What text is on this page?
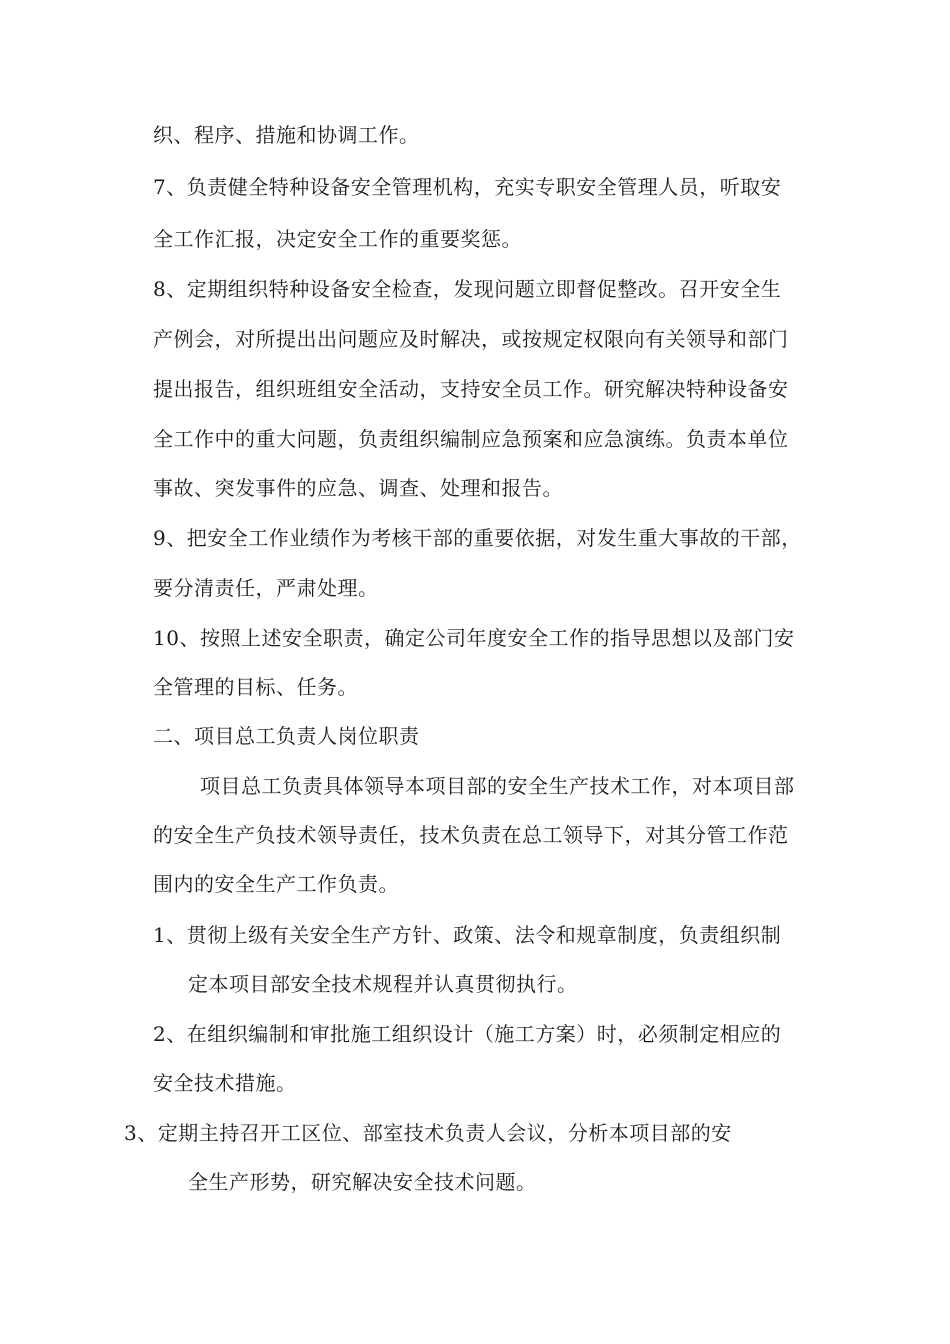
织、程序、措施和协调工作。
7、负责健全特种设备安全管理机构，充实专职安全管理人员，听取安
全工作汇报，决定安全工作的重要奖惩。
8、定期组织特种设备安全检查，发现问题立即督促整改。召开安全生
产例会，对所提出出问题应及时解决，或按规定权限向有关领导和部门
提出报告，组织班组安全活动，支持安全员工作。研究解决特种设备安
全工作中的重大问题，负责组织编制应急预案和应急演练。负责本单位
事故、突发事件的应急、调查、处理和报告。
9、把安全工作业绩作为考核干部的重要依据，对发生重大事故的干部，
要分清责任，严肃处理。
10、按照上述安全职责，确定公司年度安全工作的指导思想以及部门安
全管理的目标、任务。
二、项目总工负责人岗位职责
项目总工负责具体领导本项目部的安全生产技术工作，对本项目部
的安全生产负技术领导责任，技术负责在总工领导下，对其分管工作范
围内的安全生产工作负责。
1、贯彻上级有关安全生产方针、政策、法令和规章制度，负责组织制
定本项目部安全技术规程并认真贯彻执行。
2、在组织编制和审批施工组织设计（施工方案）时，必须制定相应的
安全技术措施。
3、定期主持召开工区位、部室技术负责人会议，分析本项目部的安
全生产形势，研究解决安全技术问题。
